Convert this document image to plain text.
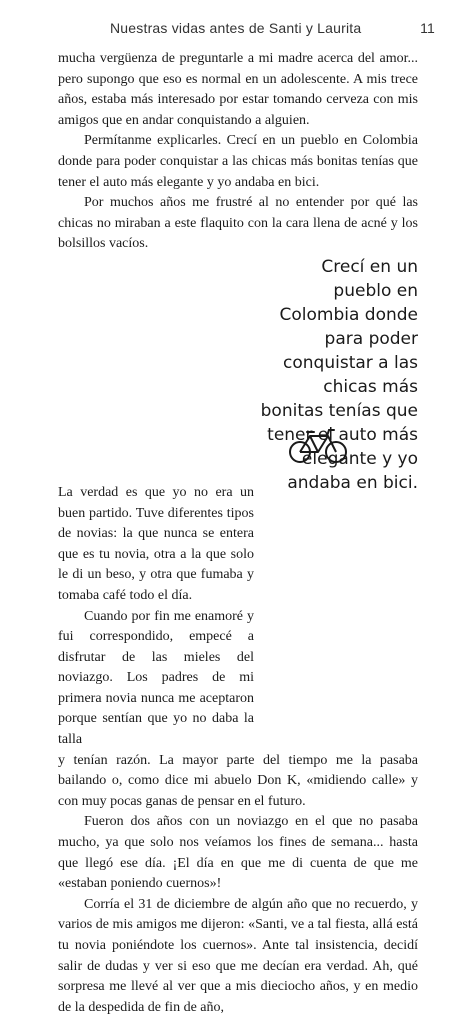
Nuestras vidas antes de Santi y Laurita	11

mucha vergüenza de preguntarle a mi madre acerca del amor... pero supongo que eso es normal en un adolescente. A mis trece años, estaba más interesado por estar tomando cerveza con mis amigos que en andar conquistando a alguien.

Permítanme explicarles. Crecí en un pueblo en Colombia donde para poder conquistar a las chicas más bonitas tenías que tener el auto más elegante y yo andaba en bici.

Por muchos años me frustré al no entender por qué las chicas no miraban a este flaquito con la cara llena de acné y los bolsillos vacíos.

Crecí en un pueblo en Colombia donde para poder conquistar a las chicas más bonitas tenías que tener el auto más elegante y yo andaba en bici.

La verdad es que yo no era un buen partido. Tuve diferentes tipos de novias: la que nunca se entera que es tu novia, otra a la que solo le di un beso, y otra que fumaba y tomaba café todo el día.

Cuando por fin me enamoré y fui correspondido, empecé a disfrutar de las mieles del noviazgo. Los padres de mi primera novia nunca me aceptaron porque sentían que yo no daba la talla

y tenían razón. La mayor parte del tiempo me la pasaba bailando o, como dice mi abuelo Don K, «midiendo calle» y con muy pocas ganas de pensar en el futuro.

Fueron dos años con un noviazgo en el que no pasaba mucho, ya que solo nos veíamos los fines de semana... hasta que llegó ese día. ¡El día en que me di cuenta de que me «estaban poniendo cuernos»!

Corría el 31 de diciembre de algún año que no recuerdo, y varios de mis amigos me dijeron: «Santi, ve a tal fiesta, allá está tu novia poniéndote los cuernos». Ante tal insistencia, decidí salir de dudas y ver si eso que me decían era verdad. Ah, qué sorpresa me llevé al ver que a mis dieciocho años, y en medio de la despedida de fin de año,
